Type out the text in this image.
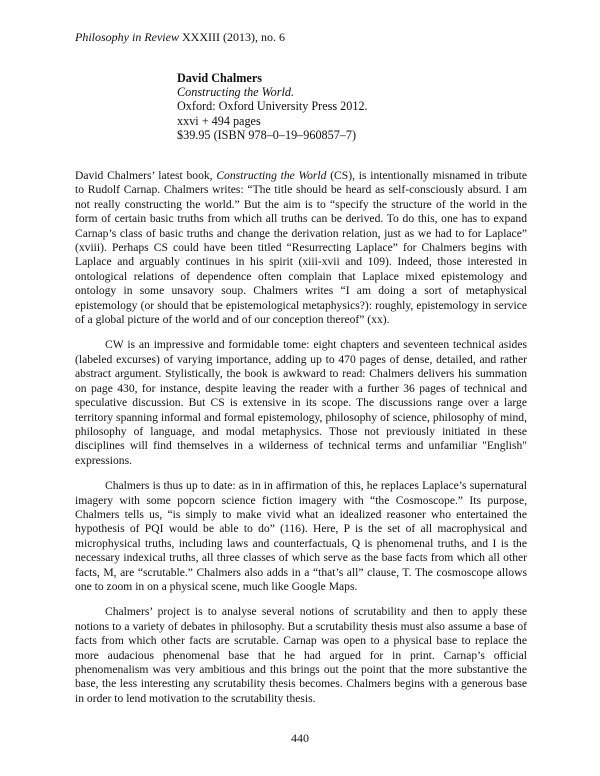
Philosophy in Review XXXIII (2013), no. 6
David Chalmers
Constructing the World.
Oxford: Oxford University Press 2012.
xxvi + 494 pages
$39.95 (ISBN 978–0–19–960857–7)

David Chalmers’ latest book, Constructing the World (CS), is intentionally misnamed in tribute to Rudolf Carnap. Chalmers writes: “The title should be heard as self-consciously absurd. I am not really constructing the world.” But the aim is to “specify the structure of the world in the form of certain basic truths from which all truths can be derived. To do this, one has to expand Carnap’s class of basic truths and change the derivation relation, just as we had to for Laplace” (xviii). Perhaps CS could have been titled “Resurrecting Laplace” for Chalmers begins with Laplace and arguably continues in his spirit (xiii-xvii and 109). Indeed, those interested in ontological relations of dependence often complain that Laplace mixed epistemology and ontology in some unsavory soup. Chalmers writes “I am doing a sort of metaphysical epistemology (or should that be epistemological metaphysics?): roughly, epistemology in service of a global picture of the world and of our conception thereof” (xx).

CW is an impressive and formidable tome: eight chapters and seventeen technical asides (labeled excurses) of varying importance, adding up to 470 pages of dense, detailed, and rather abstract argument. Stylistically, the book is awkward to read: Chalmers delivers his summation on page 430, for instance, despite leaving the reader with a further 36 pages of technical and speculative discussion. But CS is extensive in its scope. The discussions range over a large territory spanning informal and formal epistemology, philosophy of science, philosophy of mind, philosophy of language, and modal metaphysics. Those not previously initiated in these disciplines will find themselves in a wilderness of technical terms and unfamiliar "English" expressions.

Chalmers is thus up to date: as in in affirmation of this, he replaces Laplace’s supernatural imagery with some popcorn science fiction imagery with “the Cosmoscope.” Its purpose, Chalmers tells us, “is simply to make vivid what an idealized reasoner who entertained the hypothesis of PQI would be able to do” (116). Here, P is the set of all macrophysical and microphysical truths, including laws and counterfactuals, Q is phenomenal truths, and I is the necessary indexical truths, all three classes of which serve as the base facts from which all other facts, M, are “scrutable.” Chalmers also adds in a “that’s all” clause, T. The cosmoscope allows one to zoom in on a physical scene, much like Google Maps.

Chalmers’ project is to analyse several notions of scrutability and then to apply these notions to a variety of debates in philosophy. But a scrutability thesis must also assume a base of facts from which other facts are scrutable. Carnap was open to a physical base to replace the more audacious phenomenal base that he had argued for in print. Carnap’s official phenomenalism was very ambitious and this brings out the point that the more substantive the base, the less interesting any scrutability thesis becomes. Chalmers begins with a generous base in order to lend motivation to the scrutability thesis.

440
